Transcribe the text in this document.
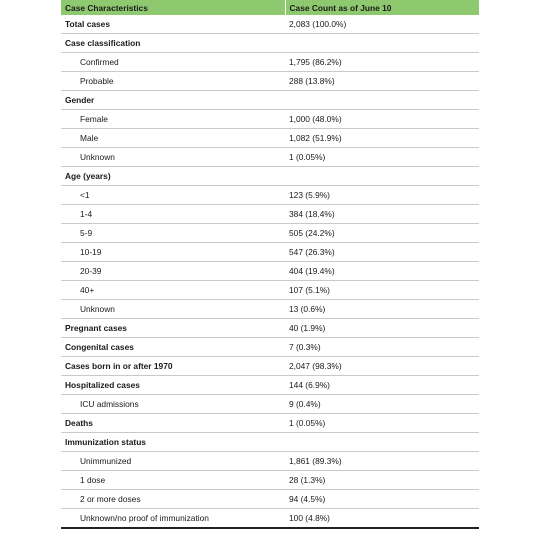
Case Characteristics	Case Count as of June 10
Total cases	2,083 (100.0%)
Case classification	
Confirmed	1,795 (86.2%)
Probable	288 (13.8%)
Gender	
Female	1,000 (48.0%)
Male	1,082 (51.9%)
Unknown	1 (0.05%)
Age (years)	
<1	123 (5.9%)
1-4	384 (18.4%)
5-9	505 (24.2%)
10-19	547 (26.3%)
20-39	404 (19.4%)
40+	107 (5.1%)
Unknown	13 (0.6%)
Pregnant cases	40 (1.9%)
Congenital cases	7 (0.3%)
Cases born in or after 1970	2,047 (98.3%)
Hospitalized cases	144 (6.9%)
ICU admissions	9 (0.4%)
Deaths	1 (0.05%)
Immunization status	
Unimmunized	1,861 (89.3%)
1 dose	28 (1.3%)
2 or more doses	94 (4.5%)
Unknown/no proof of immunization	100 (4.8%)
